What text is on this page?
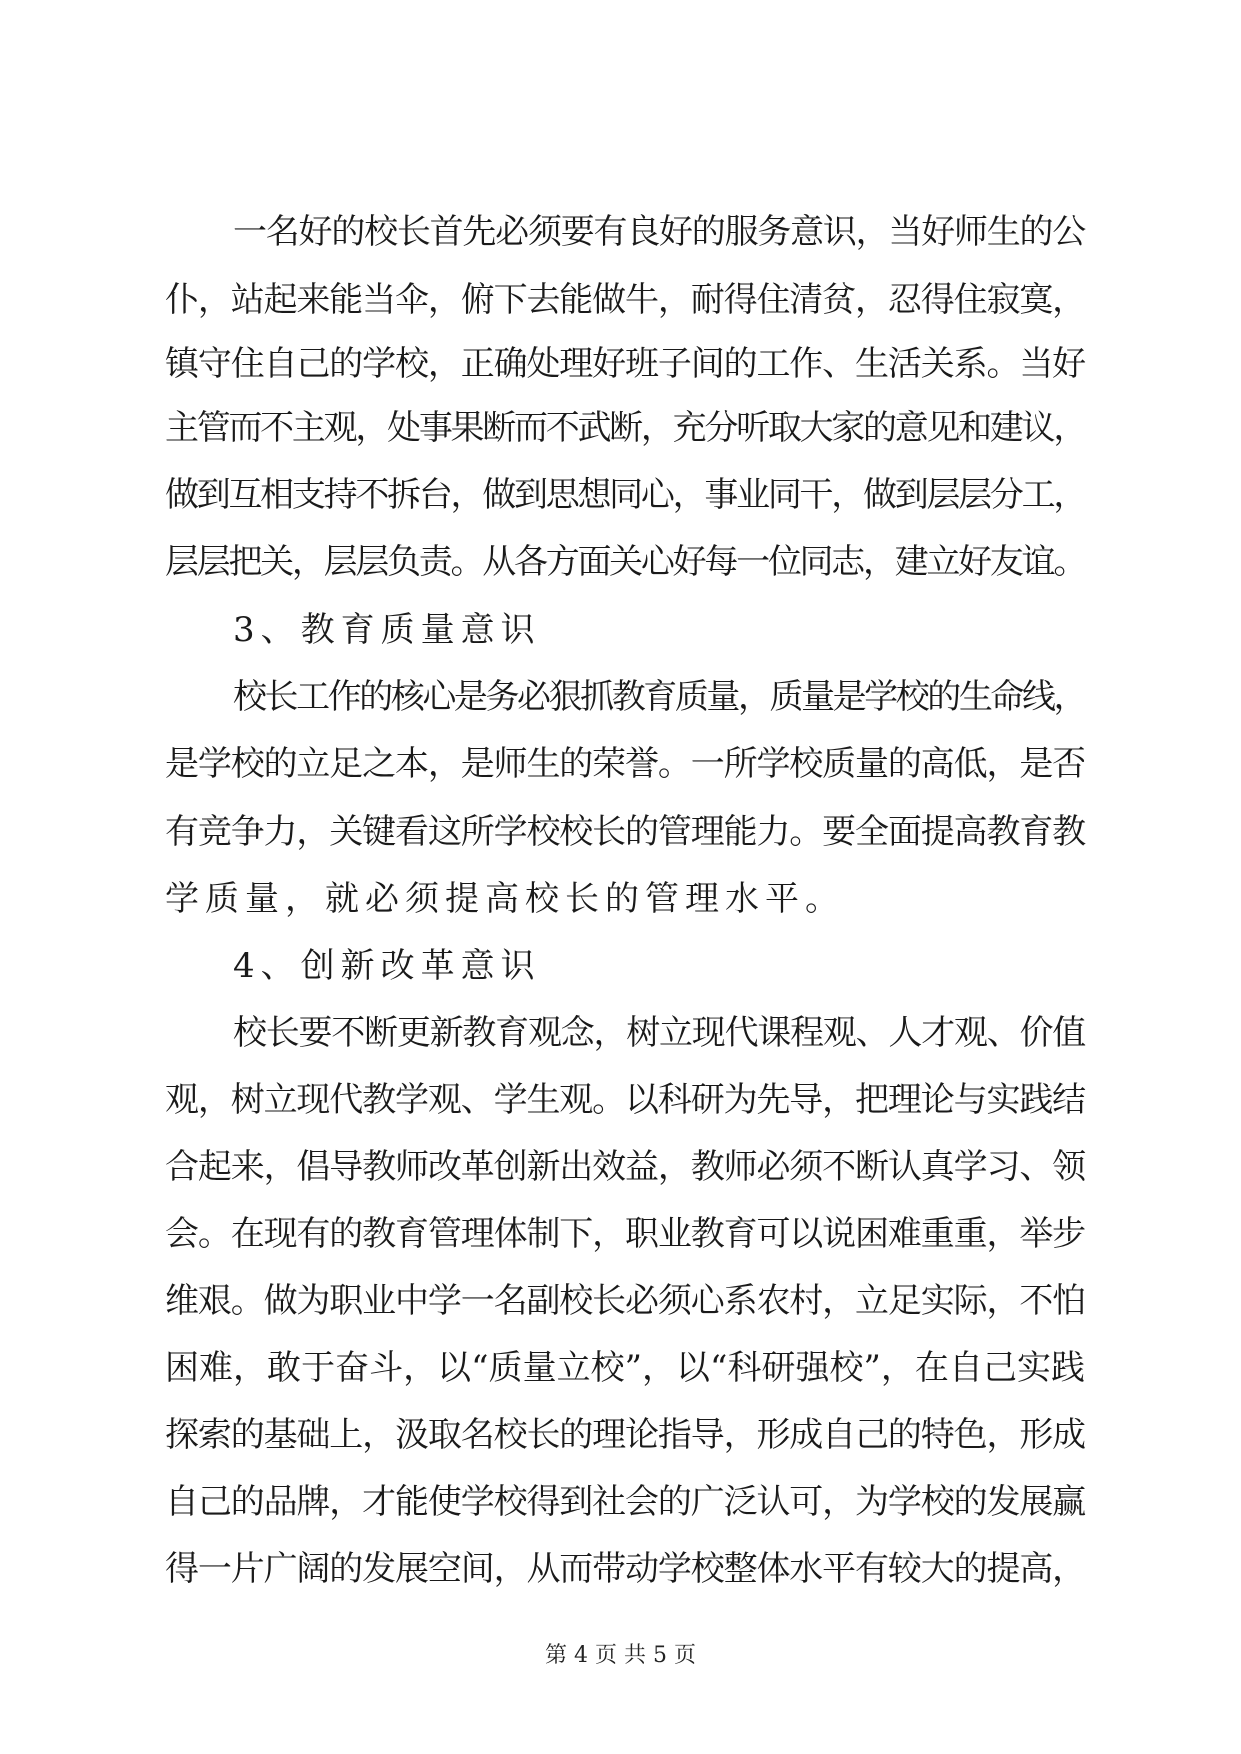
一名好的校长首先必须要有良好的服务意识，当好师生的公
仆，站起来能当伞，俯下去能做牛，耐得住清贫，忍得住寂寞，
镇守住自己的学校，正确处理好班子间的工作、生活关系。当好
主管而不主观，处事果断而不武断，充分听取大家的意见和建议，
做到互相支持不拆台，做到思想同心，事业同干，做到层层分工，
层层把关，层层负责。从各方面关心好每一位同志，建立好友谊。
3、教育质量意识
校长工作的核心是务必狠抓教育质量，质量是学校的生命线，
是学校的立足之本，是师生的荣誉。一所学校质量的高低，是否
有竞争力，关键看这所学校校长的管理能力。要全面提高教育教
学质量，就必须提高校长的管理水平。
4、创新改革意识
校长要不断更新教育观念，树立现代课程观、人才观、价值
观，树立现代教学观、学生观。以科研为先导，把理论与实践结
合起来，倡导教师改革创新出效益，教师必须不断认真学习、领
会。在现有的教育管理体制下，职业教育可以说困难重重，举步
维艰。做为职业中学一名副校长必须心系农村，立足实际，不怕
困难，敢于奋斗，以“质量立校”，以“科研强校”，在自己实践
探索的基础上，汲取名校长的理论指导，形成自己的特色，形成
自己的品牌，才能使学校得到社会的广泛认可，为学校的发展赢
得一片广阔的发展空间，从而带动学校整体水平有较大的提高，
第 4 页 共 5 页
